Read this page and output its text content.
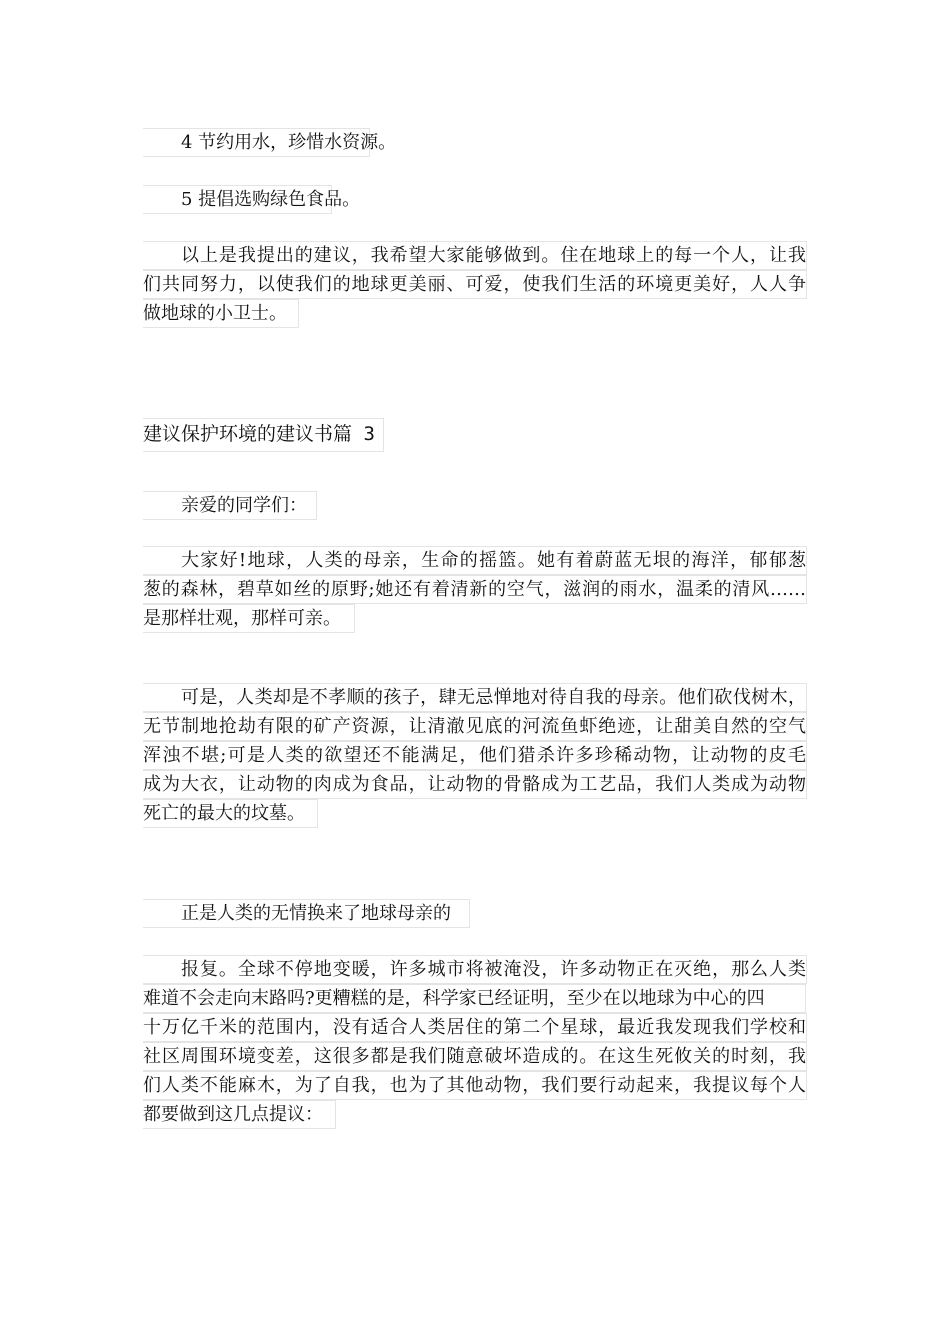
4 节约用水，珍惜水资源。
5 提倡选购绿色食品。
以上是我提出的建议，我希望大家能够做到。住在地球上的每一个人，让我
们共同努力，以使我们的地球更美丽、可爱，使我们生活的环境更美好，人人争
做地球的小卫士。
建议保护环境的建议书篇 3
亲爱的同学们：
大家好!地球，人类的母亲，生命的摇篮。她有着蔚蓝无垠的海洋，郁郁葱
葱的森林，碧草如丝的原野;她还有着清新的空气，滋润的雨水，温柔的清风……
是那样壮观，那样可亲。
可是，人类却是不孝顺的孩子，肆无忌惮地对待自我的母亲。他们砍伐树木，
无节制地抢劫有限的矿产资源，让清澈见底的河流鱼虾绝迹，让甜美自然的空气
浑浊不堪;可是人类的欲望还不能满足，他们猎杀许多珍稀动物，让动物的皮毛
成为大衣，让动物的肉成为食品，让动物的骨骼成为工艺品，我们人类成为动物
死亡的最大的坟墓。
正是人类的无情换来了地球母亲的
报复。全球不停地变暖，许多城市将被淹没，许多动物正在灭绝，那么人类
难道不会走向末路吗?更糟糕的是，科学家已经证明，至少在以地球为中心的四
十万亿千米的范围内，没有适合人类居住的第二个星球，最近我发现我们学校和
社区周围环境变差，这很多都是我们随意破坏造成的。在这生死攸关的时刻，我
们人类不能麻木，为了自我，也为了其他动物，我们要行动起来，我提议每个人
都要做到这几点提议：
